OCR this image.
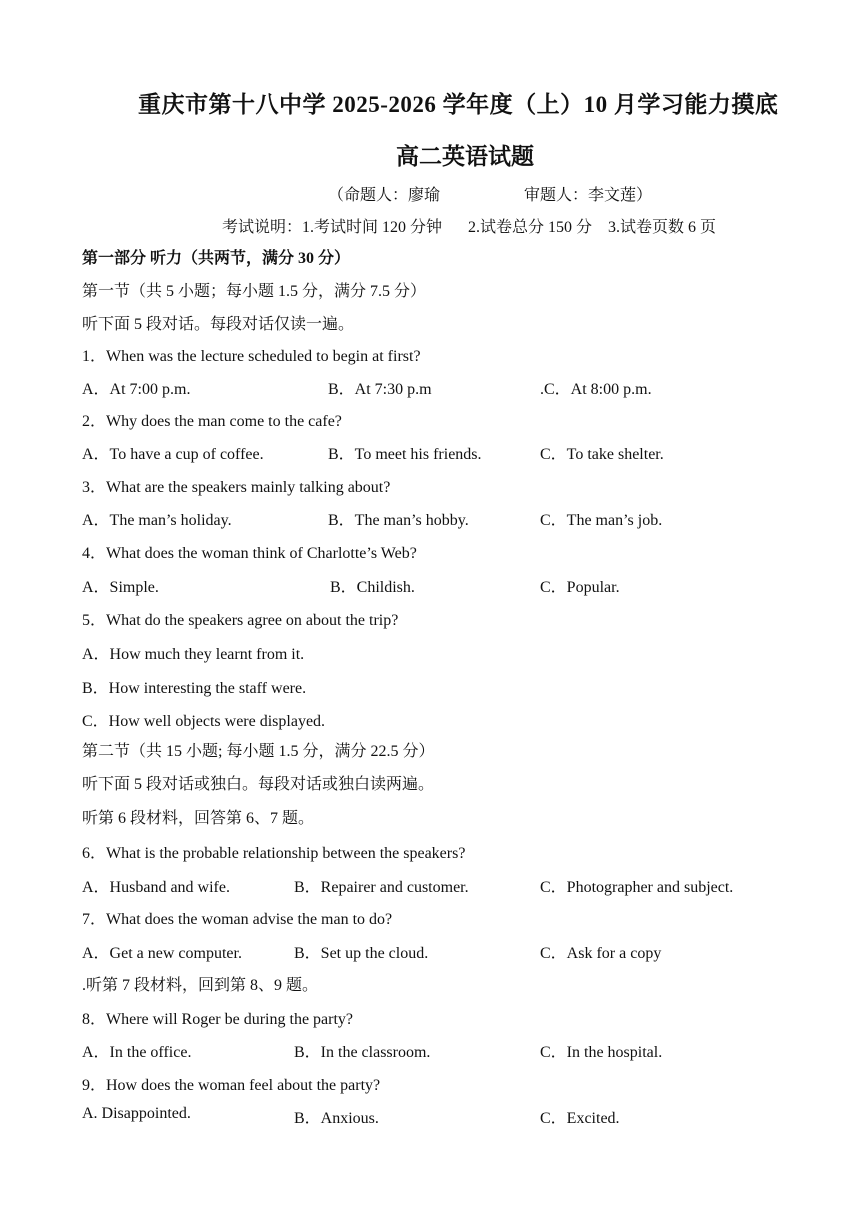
重庆市第十八中学 2025-2026 学年度（上）10 月学习能力摸底
高二英语试题
（命题人：廖瑜	审题人：李文莲）
考试说明：1.考试时间 120 分钟 2.试卷总分 150 分 3.试卷页数 6 页
第一部分 听力（共两节，满分 30 分）
第一节（共 5 小题；每小题 1.5 分，满分 7.5 分）
听下面 5 段对话。每段对话仅读一遍。
1．When was the lecture scheduled to begin at first?
A．At 7:00 p.m.	B．At 7:30 p.m	.C．At 8:00 p.m.
2．Why does the man come to the cafe?
A．To have a cup of coffee.	B．To meet his friends.	C．To take shelter.
3．What are the speakers mainly talking about?
A．The man’s holiday.	B．The man’s hobby.	C．The man’s job.
4．What does the woman think of Charlotte’s Web?
A．Simple.	B．Childish.	C．Popular.
5．What do the speakers agree on about the trip?
A．How much they learnt from it.
B．How interesting the staff were.
C．How well objects were displayed.
第二节（共 15 小题; 每小题 1.5 分，满分 22.5 分）
听下面 5 段对话或独白。每段对话或独白读两遍。
听第 6 段材料，回答第 6、7 题。
6．What is the probable relationship between the speakers?
A．Husband and wife.	B．Repairer and customer.	C．Photographer and subject.
7．What does the woman advise the man to do?
A．Get a new computer.	B．Set up the cloud.	C．Ask for a copy
.听第 7 段材料，回到第 8、9 题。
8．Where will Roger be during the party?
A．In the office.	B．In the classroom.	C．In the hospital.
9．How does the woman feel about the party?
A. Disappointed.	B．Anxious.	C．Excited.
